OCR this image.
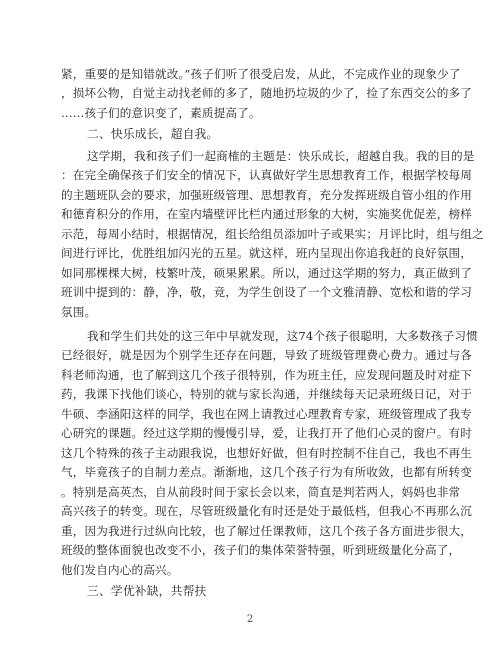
紧，重要的是知错就改。”孩子们听了很受启发，从此，不完成作业的现象少了
，损坏公物，自觉主动找老师的多了，随地扔垃圾的少了，捡了东西交公的多了
……孩子们的意识变了，素质提高了。
二、快乐成长，超自我。
这学期，我和孩子们一起商榷的主题是：快乐成长，超越自我。我的目的是
：在完全确保孩子们安全的情况下，认真做好学生思想教育工作，根据学校每周
的主题班队会的要求，加强班级管理、思想教育，充分发挥班级自管小组的作用
和德育积分的作用，在室内墙壁评比栏内通过形象的大树，实施奖优促差，榜样
示范，每周小结时，根据情况，组长给组员添加叶子或果实；月评比时，组与组之
间进行评比，优胜组加闪光的五星。就这样，班内呈现出你追我赶的良好氛围，
如同那棵棵大树，枝繁叶茂，硕果累累。所以，通过这学期的努力，真正做到了
班训中提到的：静，净，敬，竞，为学生创设了一个文雅清静、宽松和谐的学习
氛围。
我和学生们共处的这三年中早就发现，这74个孩子很聪明，大多数孩子习惯
已经很好，就是因为个别学生还存在问题，导致了班级管理费心费力。通过与各
科老师沟通，也了解到这几个孩子很特别，作为班主任，应发现问题及时对症下
药，我课下找他们谈心，特别的就与家长沟通，并继续每天记录班级日记，对于
牛硕、李涵阳这样的同学，我也在网上请教过心理教育专家，班级管理成了我专
心研究的课题。经过这学期的慢慢引导，爱，让我打开了他们心灵的窗户。有时
这几个特殊的孩子主动跟我说，也想好好做，但有时控制不住自己，我也不再生
气，毕竟孩子的自制力差点。渐渐地，这几个孩子行为有所收敛，也都有所转变
。特别是高英杰，自从前段时间于家长会以来，简直是判若两人，妈妈也非常
高兴孩子的转变。现在，尽管班级量化有时还是处于最低档，但我心不再那么沉
重，因为我进行过纵向比较，也了解过任课教师，这几个孩子各方面进步很大，
班级的整体面貌也改变不小，孩子们的集体荣誉特强，听到班级量化分高了，
他们发自内心的高兴。
三、学优补缺，共帮扶
2
